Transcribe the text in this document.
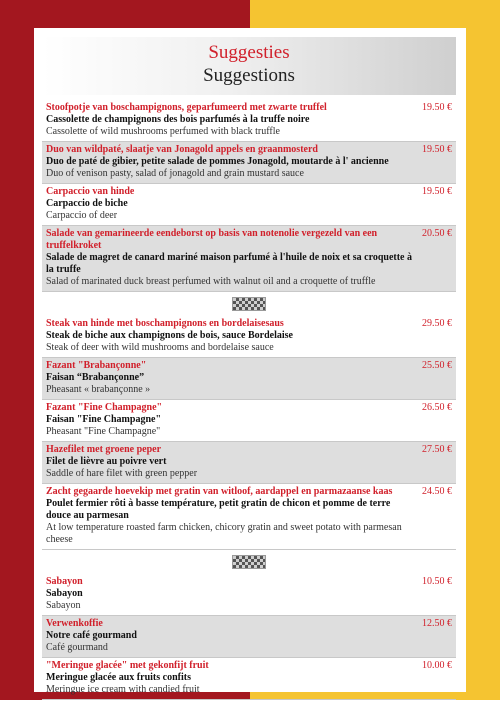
Suggesties
Suggestions
Stoofpotje van boschampignons, geparfumeerd met zwarte truffel
Cassolette de champignons des bois parfumés à la truffe noire
Cassolette of wild mushrooms perfumed with black truffle
19.50 €
Duo van wildpaté, slaatje van Jonagold appels en graanmosterd
Duo de paté de gibier, petite salade de pommes Jonagold, moutarde à l' ancienne
Duo of venison pasty, salad of jonagold and grain mustard sauce
19.50 €
Carpaccio van hinde
Carpaccio de biche
Carpaccio of deer
19.50 €
Salade van gemarineerde eendeborst op basis van notenolie vergezeld van een truffelkroket
Salade de magret de canard mariné maison parfumé à l'huile de noix et sa croquette à la truffe
Salad of marinated duck breast perfumed with walnut oil and a croquette of truffle
20.50 €
Steak van hinde met boschampignons en bordelaisesaus
Steak de biche aux champignons de bois, sauce Bordelaise
Steak of deer with wild mushrooms and bordelaise sauce
29.50 €
Fazant "Brabançonne"
Faisan “Brabançonne”
Pheasant « brabançonne »
25.50 €
Fazant "Fine Champagne"
Faisan "Fine Champagne"
Pheasant "Fine Champagne"
26.50 €
Hazefilet met groene peper
Filet de lièvre au poivre vert
Saddle of hare filet with green pepper
27.50 €
Zacht gegaarde hoevekip met gratin van witloof, aardappel en parmazaanse kaas
Poulet fermier rôti à basse température, petit gratin de chicon et pomme de terre douce au parmesan
At low temperature roasted farm chicken, chicory gratin and sweet potato with parmesan cheese
24.50 €
Sabayon
Sabayon
Sabayon
10.50 €
Verwenkoffie
Notre café gourmand
Café gourmand
12.50 €
"Meringue glacée" met gekonfijt fruit
Meringue glacée aux fruits confits
Meringue ice cream with candied fruit
10.00 €
